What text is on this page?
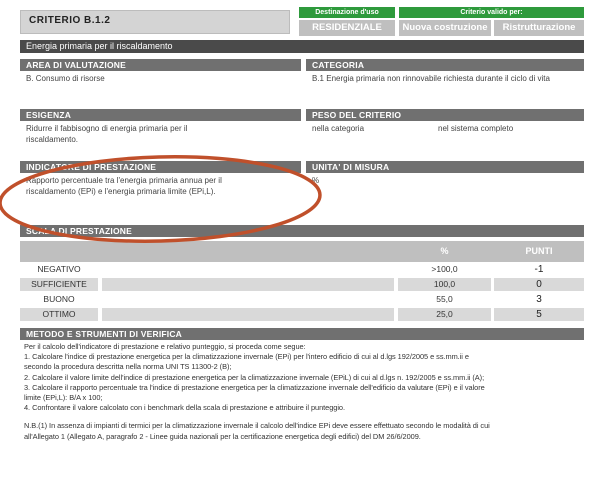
CRITERIO B.1.2
Destinazione d'uso	Criterio valido per:
RESIDENZIALE	Nuova costruzione	Ristrutturazione
Energia primaria per il riscaldamento
AREA DI VALUTAZIONE
B. Consumo di risorse
CATEGORIA
B.1 Energia primaria non rinnovabile richiesta durante il ciclo di vita
ESIGENZA
Ridurre il fabbisogno di energia primaria per il
riscaldamento.
PESO DEL CRITERIO
nella categoria	nel sistema completo
INDICATORE DI PRESTAZIONE
Rapporto percentuale tra l'energia primaria annua per il
riscaldamento (EPi) e l'energia primaria limite (EPi,L).
UNITA' DI MISURA
%
SCALA DI PRESTAZIONE
%	PUNTI
NEGATIVO	>100,0	-1
SUFFICIENTE	100,0	0
BUONO	55,0	3
OTTIMO	25,0	5
METODO E STRUMENTI DI VERIFICA
Per il calcolo dell'indicatore di prestazione e relativo punteggio, si proceda come segue:
1. Calcolare l'indice di prestazione energetica per la climatizzazione invernale (EPi) per l'intero edificio di cui al d.lgs 192/2005 e ss.mm.ii e
secondo la procedura descritta nella norma UNI TS 11300-2 (B);
2. Calcolare il valore limite dell'indice di prestazione energetica per la climatizzazione invernale (EPiL) di cui al d.lgs n. 192/2005 e ss.mm.ii (A);
3. Calcolare il rapporto percentuale tra l'indice di prestazione energetica per la climatizzazione invernale dell'edificio da valutare (EPi) e il valore
limite (EPi,L): B/A x 100;
4. Confrontare il valore calcolato con i benchmark della scala di prestazione e attribuire il punteggio.
N.B.(1) In assenza di impianti di termici per la climatizzazione invernale il calcolo dell'indice EPi deve essere effettuato secondo le modalità di cui
all'Allegato 1 (Allegato A, paragrafo 2 - Linee guida nazionali per la certificazione energetica degli edifici) del DM 26/6/2009.
